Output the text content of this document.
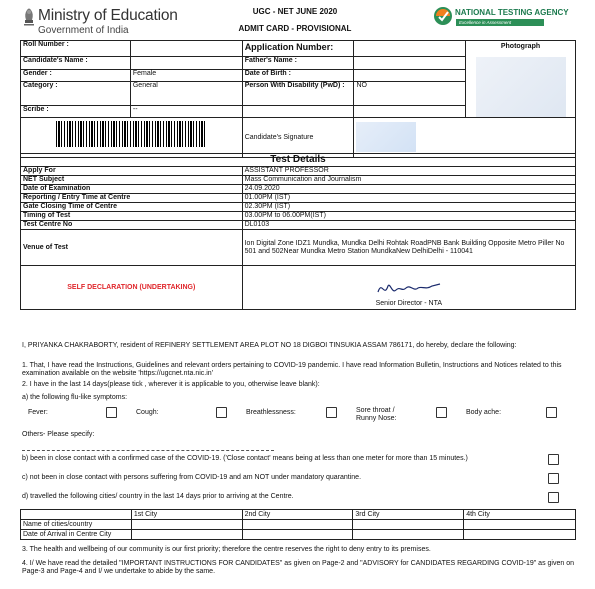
Ministry of Education
Government of India
UGC - NET JUNE 2020
ADMIT CARD - PROVISIONAL
NATIONAL TESTING AGENCY
Excellence in Assessment
Roll Number :		Application Number:		Photograph

Candidate's Name :		Father's Name :		
Gender :	Female	Date of Birth :		
Category :	General	Person With Disability (PwD) :	NO	
Scribe :	--			

		Candidate's Signature		
Test Details	
Apply For	ASSISTANT PROFESSOR
NET Subject	Mass Communication and Journalism
Date of Examination	24.09.2020
Reporting / Entry Time at Centre	01.00PM (IST)
Gate Closing Time of Centre	02.30PM (IST)
Timing of Test	03.00PM to 06.00PM(IST)
Test Centre No	DL0103
Venue of Test	Ion Digital Zone IDZ1 Mundka, Mundka Delhi Rohtak RoadPNB Bank Building Opposite Metro Piller No 501 and 502Near Mundka Metro Station MundkaNew DelhiDelhi - 110041
SELF DECLARATION (UNDERTAKING)	Senior Director - NTA
I, PRIYANKA CHAKRABORTY, resident of REFINERY SETTLEMENT AREA PLOT NO 18 DIGBOI TINSUKIA ASSAM 786171, do hereby, declare the following:
1. That, I have read the Instructions, Guidelines and relevant orders pertaining to COVID-19 pandemic. I have read Information Bulletin, Instructions and Notices related to this examination available on the website 'https://ugcnet.nta.nic.in'
2. I have in the last 14 days(please tick , wherever it is applicable to you, otherwise leave blank):
a) the following flu-like symptoms:
Fever:	Cough:	Breathlessness:	Sore throat / Runny Nose:
Body ache:
Others- Please specify:
b) been in close contact with a confirmed case of the COVID-19. ('Close contact' means being at less than one meter for more than 15 minutes.)
c) not been in close contact with persons suffering from COVID-19 and am NOT under mandatory quarantine.
d) travelled the following cities/ country in the last 14 days prior to arriving at the Centre.
	1st City	2nd City	3rd City	4th City
Name of cities/country				
Date of Arrival in Centre City				
3. The health and wellbeing of our community is our first priority; therefore the centre reserves the right to deny entry to its premises.
4. I/ We have read the detailed "IMPORTANT INSTRUCTIONS FOR CANDIDATES" as given on Page-2 and "ADVISORY for CANDIDATES REGARDING COVID-19" as given on Page-3 and Page-4 and I/ we undertake to abide by the same.
